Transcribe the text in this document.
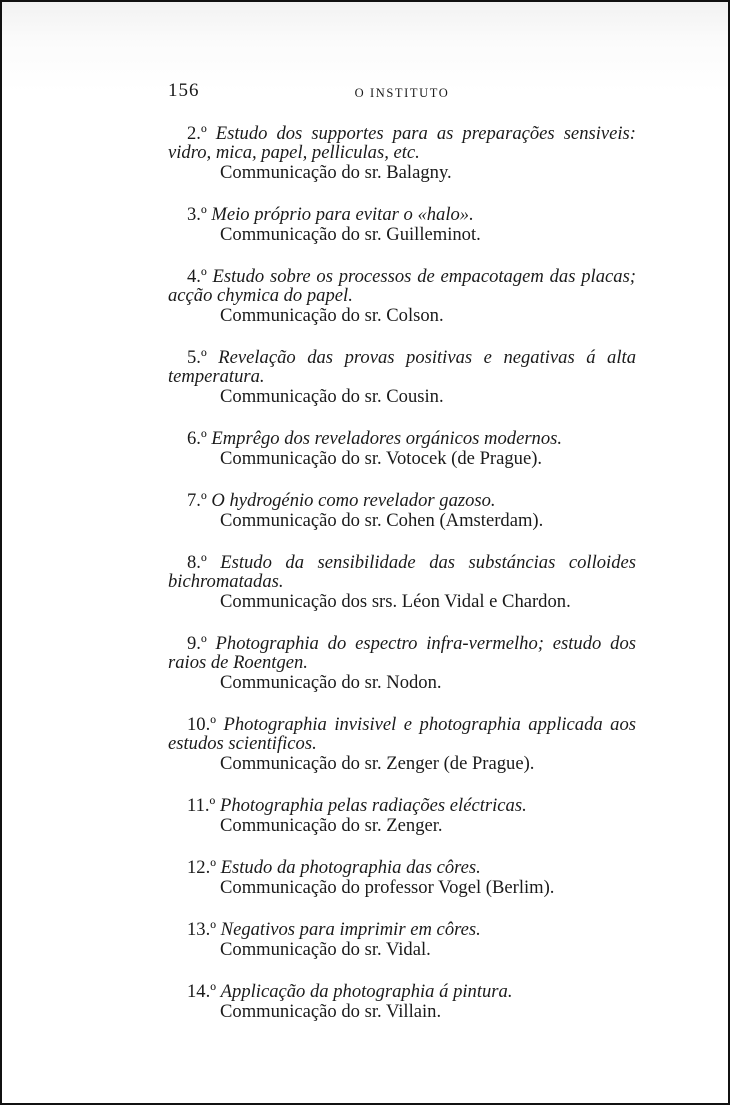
156	O INSTITUTO
2.º Estudo dos supportes para as preparações sensiveis: vidro, mica, papel, pelliculas, etc.
Communicação do sr. Balagny.
3.º Meio próprio para evitar o «halo».
Communicação do sr. Guilleminot.
4.º Estudo sobre os processos de empacotagem das placas; acção chymica do papel.
Communicação do sr. Colson.
5.º Revelação das provas positivas e negativas á alta temperatura.
Communicação do sr. Cousin.
6.º Emprêgo dos reveladores orgánicos modernos.
Communicação do sr. Votocek (de Prague).
7.º O hydrogénio como revelador gazoso.
Communicação do sr. Cohen (Amsterdam).
8.º Estudo da sensibilidade das substáncias colloides bichromatadas.
Communicação dos srs. Léon Vidal e Chardon.
9.º Photographia do espectro infra-vermelho; estudo dos raios de Roentgen.
Communicação do sr. Nodon.
10.º Photographia invisivel e photographia applicada aos estudos scientificos.
Communicação do sr. Zenger (de Prague).
11.º Photographia pelas radiações eléctricas.
Communicação do sr. Zenger.
12.º Estudo da photographia das côres.
Communicação do professor Vogel (Berlim).
13.º Negativos para imprimir em côres.
Communicação do sr. Vidal.
14.º Applicação da photographia á pintura.
Communicação do sr. Villain.
